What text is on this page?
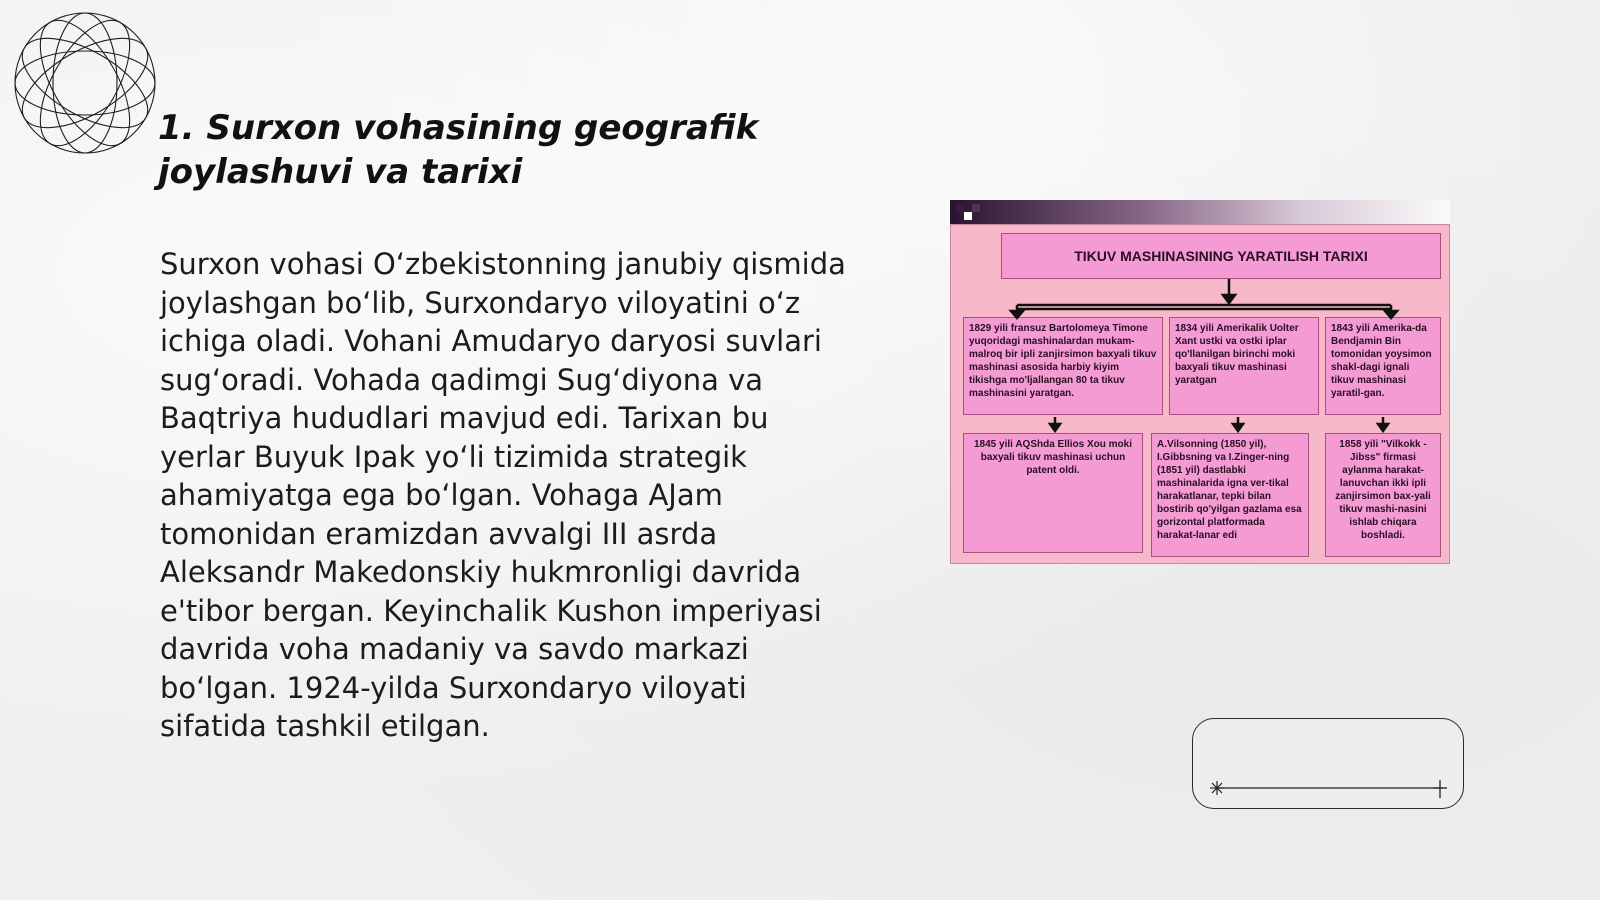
1. Surxon vohasining geografik joylashuvi va tarixi

Surxon vohasi O‘zbekistonning janubiy qismida joylashgan bo‘lib, Surxondaryo viloyatini o‘z ichiga oladi. Vohani Amudaryo daryosi suvlari sug‘oradi. Vohada qadimgi Sug‘diyona va Baqtriya hududlari mavjud edi. Tarixan bu yerlar Buyuk Ipak yo‘li tizimida strategik ahamiyatga ega bo‘lgan. Vohaga AJam tomonidan eramizdan avvalgi III asrda Aleksandr Makedonskiy hukmronligi davrida e'tibor bergan. Keyinchalik Kushon imperiyasi davrida voha madaniy va savdo markazi bo‘lgan. 1924-yilda Surxondaryo viloyati sifatida tashkil etilgan.

TIKUV MASHINASINING YARATILISH TARIXI
1829 yili fransuz Bartolomeya Timone yuqoridagi mashinalardan mukam-malroq bir ipli zanjirsimon baxyali tikuv mashinasi asosida harbiy kiyim tikishga mo'ljallangan 80 ta tikuv mashinasini yaratgan.
1834 yili Amerikalik Uolter Xant ustki va ostki iplar qo'llanilgan birinchi moki baxyali tikuv mashinasi yaratgan
1843 yili Amerika-da Bendjamin Bin tomonidan yoysimon shakl-dagi ignali tikuv mashinasi yaratil-gan.
1845 yili AQShda Ellios Xou moki baxyali tikuv mashinasi uchun patent oldi.
A.Vilsonning (1850 yil), I.Gibbsning va I.Zinger-ning (1851 yil) dastlabki mashinalarida igna ver-tikal harakatlanar, tepki bilan bostirib qo'yilgan gazlama esa gorizontal platformada harakat-lanar edi
1858 yili "Vilkokk - Jibss" firmasi aylanma harakat-lanuvchan ikki ipli zanjirsimon bax-yali tikuv mashi-nasini ishlab chiqara boshladi.
